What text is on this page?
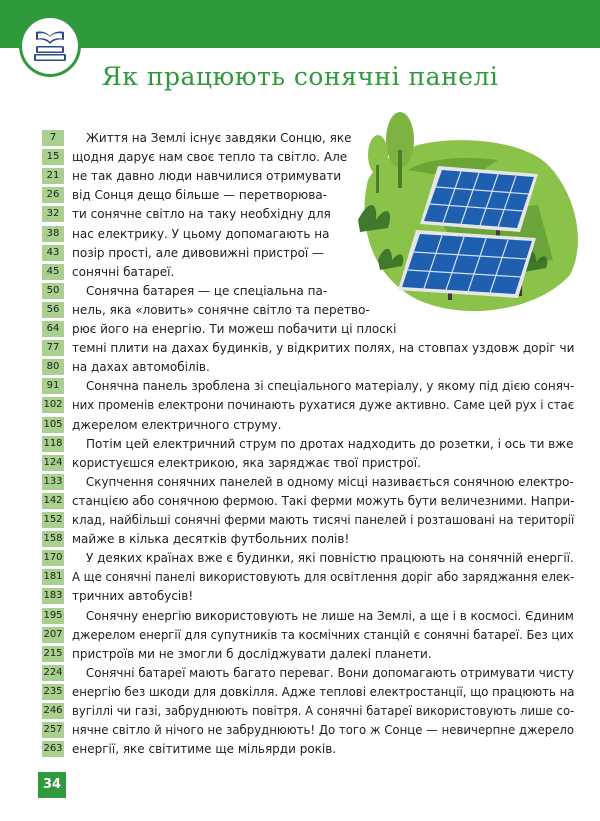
Як працюють сонячні панелі
7	Життя на Землі існує завдяки Сонцю, яке
15	щодня дарує нам своє тепло та світло. Але
21	не так давно люди навчилися отримувати
26	від Сонця дещо більше — перетворюва-
32	ти сонячне світло на таку необхідну для
38	нас електрику. У цьому допомагають на
43	позір прості, але дивовижні пристрої —
45	сонячні батареї.
50	Сонячна батарея — це спеціальна па-
56	нель, яка «ловить» сонячне світло та перетво-
64	рює його на енергію. Ти можеш побачити ці плоскі
77	темні плити на дахах будинків, у відкритих полях, на стовпах уздовж доріг чи
80	на дахах автомобілів.
91	Сонячна панель зроблена зі спеціального матеріалу, у якому під дією соняч-
102 них променів електрони починають рухатися дуже активно. Саме цей рух і стає
105 джерелом електричного струму.
118	Потім цей електричний струм по дротах надходить до розетки, і ось ти вже
124 користуєшся електрикою, яка заряджає твої пристрої.
133	Скупчення сонячних панелей в одному місці називається сонячною електро-
142 станцією або сонячною фермою. Такі ферми можуть бути величезними. Напри-
152 клад, найбільші сонячні ферми мають тисячі панелей і розташовані на території
158 майже в кілька десятків футбольних полів!
170	У деяких країнах вже є будинки, які повністю працюють на сонячній енергії.
181 А ще сонячні панелі використовують для освітлення доріг або заряджання елек-
183 тричних автобусів!
195	Сонячну енергію використовують не лише на Землі, а ще і в космосі. Єдиним
207 джерелом енергії для супутників та космічних станцій є сонячні батареї. Без цих
215 пристроїв ми не змогли б досліджувати далекі планети.
224	Сонячні батареї мають багато переваг. Вони допомагають отримувати чисту
235 енергію без шкоди для довкілля. Адже теплові електростанції, що працюють на
246 вугіллі чи газі, забруднюють повітря. А сонячні батареї використовують лише со-
257 нячне світло й нічого не забруднюють! До того ж Сонце — невичерпне джерело
263 енергії, яке світитиме ще мільярди років.
34
